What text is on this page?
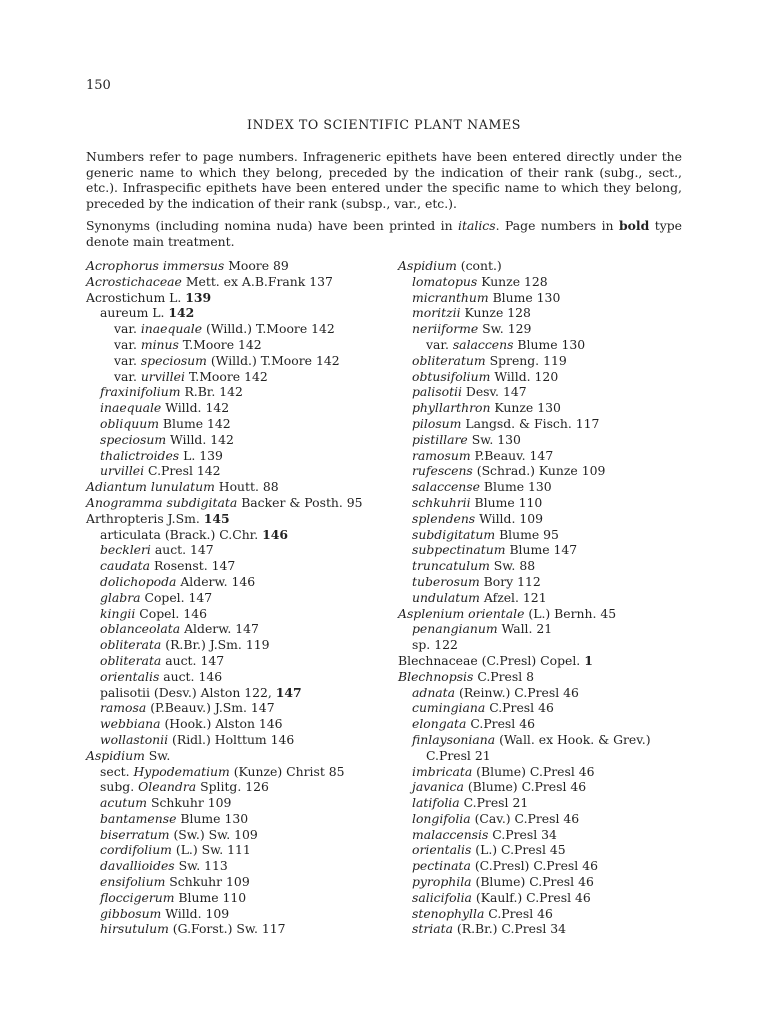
150
INDEX TO SCIENTIFIC PLANT NAMES
Numbers refer to page numbers. Infrageneric epithets have been entered directly under the generic name to which they belong, preceded by the indication of their rank (subg., sect., etc.). Infraspecific epithets have been entered under the specific name to which they belong, preceded by the indication of their rank (subsp., var., etc.).
Synonyms (including nomina nuda) have been printed in italics. Page numbers in bold type denote main treatment.
Acrophorus immersus Moore 89
Acrostichaceae Mett. ex A.B.Frank 137
Acrostichum L. 139
aureum L. 142
var. inaequale (Willd.) T.Moore 142
var. minus T.Moore 142
var. speciosum (Willd.) T.Moore 142
var. urvillei T.Moore 142
fraxinifolium R.Br. 142
inaequale Willd. 142
obliquum Blume 142
speciosum Willd. 142
thalictroides L. 139
urvillei C.Presl 142
Adiantum lunulatum Houtt. 88
Anogramma subdigitata Backer & Posth. 95
Arthropteris J.Sm. 145
articulata (Brack.) C.Chr. 146
beckleri auct. 147
caudata Rosenst. 147
dolichopoda Alderw. 146
glabra Copel. 147
kingii Copel. 146
oblanceolata Alderw. 147
obliterata (R.Br.) J.Sm. 119
obliterata auct. 147
orientalis auct. 146
palisotii (Desv.) Alston 122, 147
ramosa (P.Beauv.) J.Sm. 147
webbiana (Hook.) Alston 146
wollastonii (Ridl.) Holttum 146
Aspidium Sw.
sect. Hypodematium (Kunze) Christ 85
subg. Oleandra Splitg. 126
acutum Schkuhr 109
bantamense Blume 130
biserratum (Sw.) Sw. 109
cordifolium (L.) Sw. 111
davallioides Sw. 113
ensifolium Schkuhr 109
floccigerum Blume 110
gibbosum Willd. 109
hirsutulum (G.Forst.) Sw. 117
Aspidium (cont.)
lomatopus Kunze 128
micranthum Blume 130
moritzii Kunze 128
neriiforme Sw. 129
var. salaccens Blume 130
obliteratum Spreng. 119
obtusifolium Willd. 120
palisotii Desv. 147
phyllarthron Kunze 130
pilosum Langsd. & Fisch. 117
pistillare Sw. 130
ramosum P.Beauv. 147
rufescens (Schrad.) Kunze 109
salaccense Blume 130
schkuhrii Blume 110
splendens Willd. 109
subdigitatum Blume 95
subpectinatum Blume 147
truncatulum Sw. 88
tuberosum Bory 112
undulatum Afzel. 121
Asplenium orientale (L.) Bernh. 45
penangianum Wall. 21
sp. 122
Blechnaceae (C.Presl) Copel. 1
Blechnopsis C.Presl 8
adnata (Reinw.) C.Presl 46
cumingiana C.Presl 46
elongata C.Presl 46
finlaysoniana (Wall. ex Hook. & Grev.)
C.Presl 21
imbricata (Blume) C.Presl 46
javanica (Blume) C.Presl 46
latifolia C.Presl 21
longifolia (Cav.) C.Presl 46
malaccensis C.Presl 34
orientalis (L.) C.Presl 45
pectinata (C.Presl) C.Presl 46
pyrophila (Blume) C.Presl 46
salicifolia (Kaulf.) C.Presl 46
stenophylla C.Presl 46
striata (R.Br.) C.Presl 34
